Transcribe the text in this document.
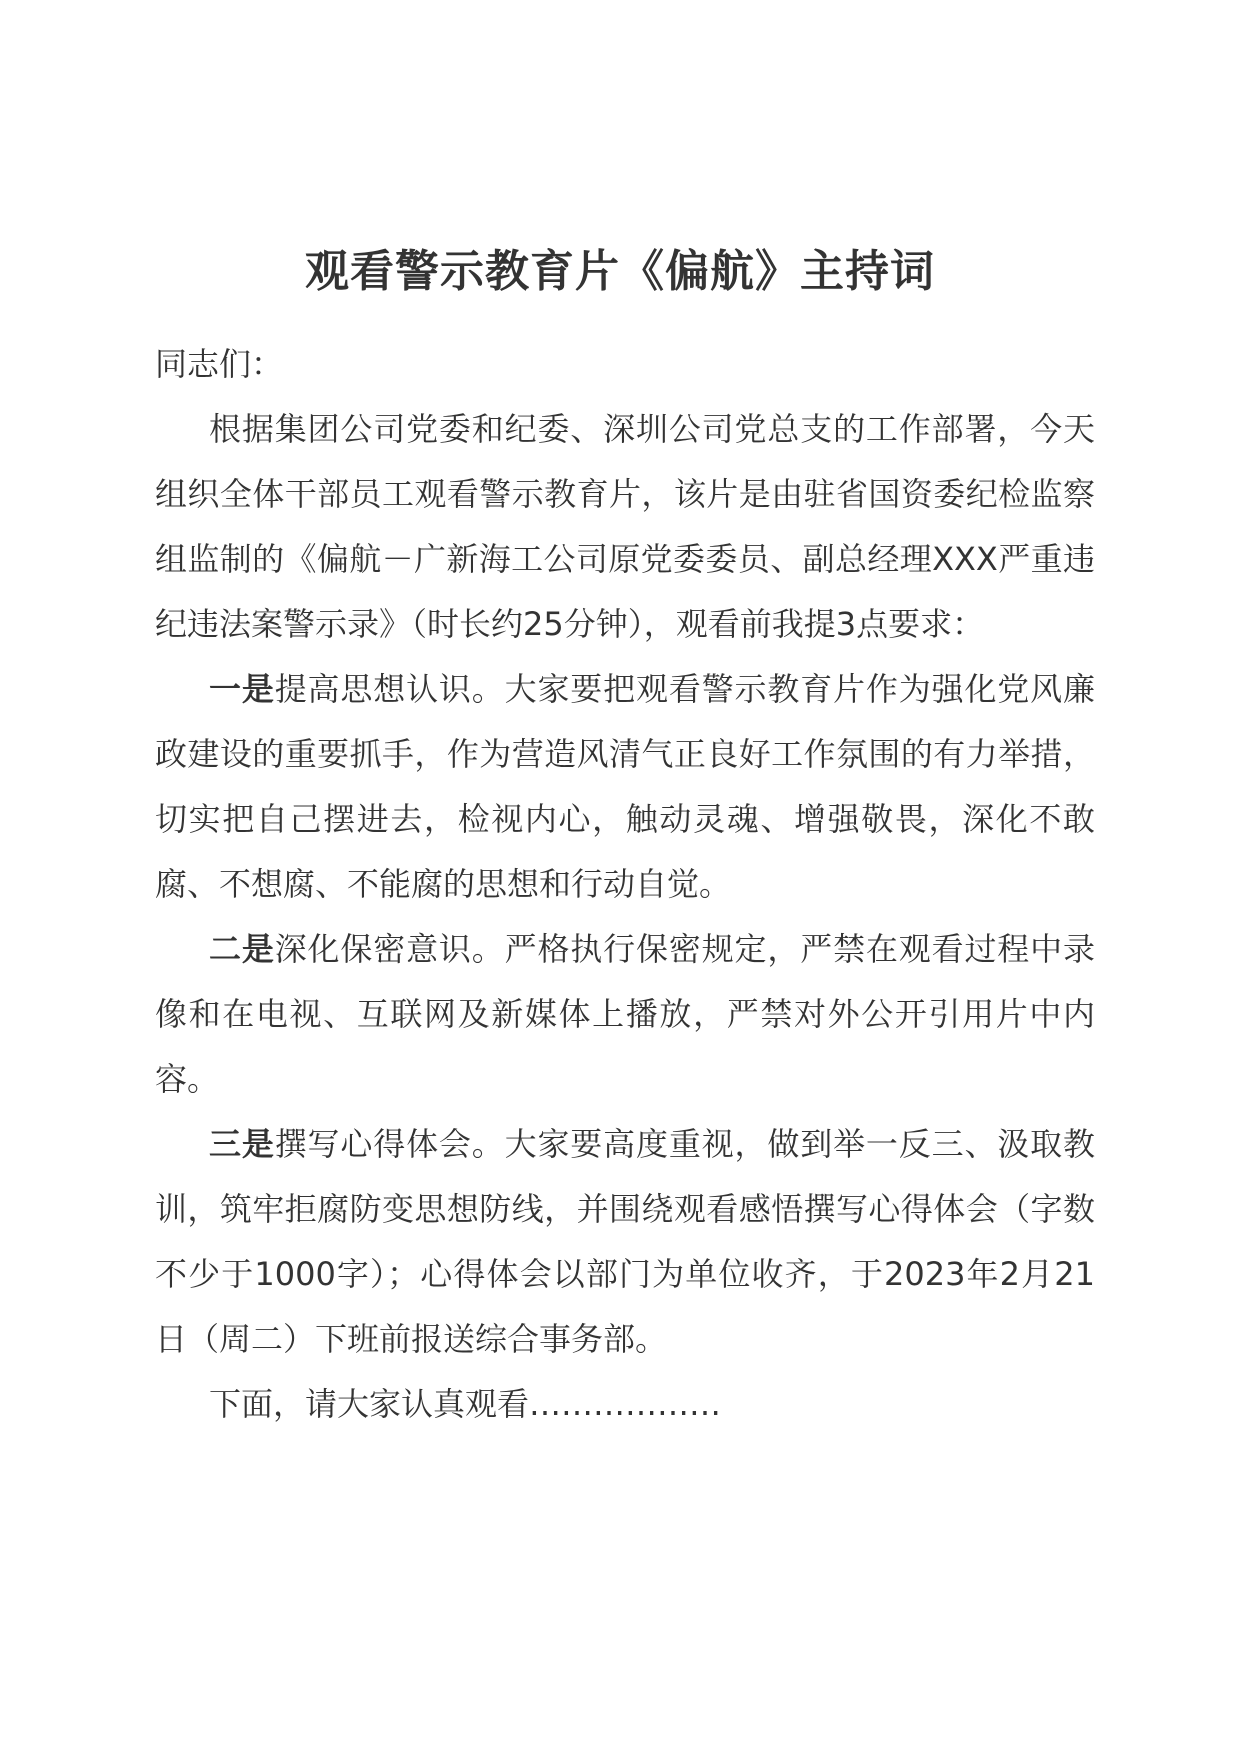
观看警示教育片《偏航》主持词

同志们：

根据集团公司党委和纪委、深圳公司党总支的工作部署，今天组织全体干部员工观看警示教育片，该片是由驻省国资委纪检监察组监制的《偏航－广新海工公司原党委委员、副总经理XXX严重违纪违法案警示录》（时长约25分钟），观看前我提3点要求：

一是提高思想认识。大家要把观看警示教育片作为强化党风廉政建设的重要抓手，作为营造风清气正良好工作氛围的有力举措，切实把自己摆进去，检视内心，触动灵魂、增强敬畏，深化不敢腐、不想腐、不能腐的思想和行动自觉。

二是深化保密意识。严格执行保密规定，严禁在观看过程中录像和在电视、互联网及新媒体上播放，严禁对外公开引用片中内容。

三是撰写心得体会。大家要高度重视，做到举一反三、汲取教训，筑牢拒腐防变思想防线，并围绕观看感悟撰写心得体会（字数不少于1000字）；心得体会以部门为单位收齐，于2023年2月21日（周二）下班前报送综合事务部。

下面，请大家认真观看………………
